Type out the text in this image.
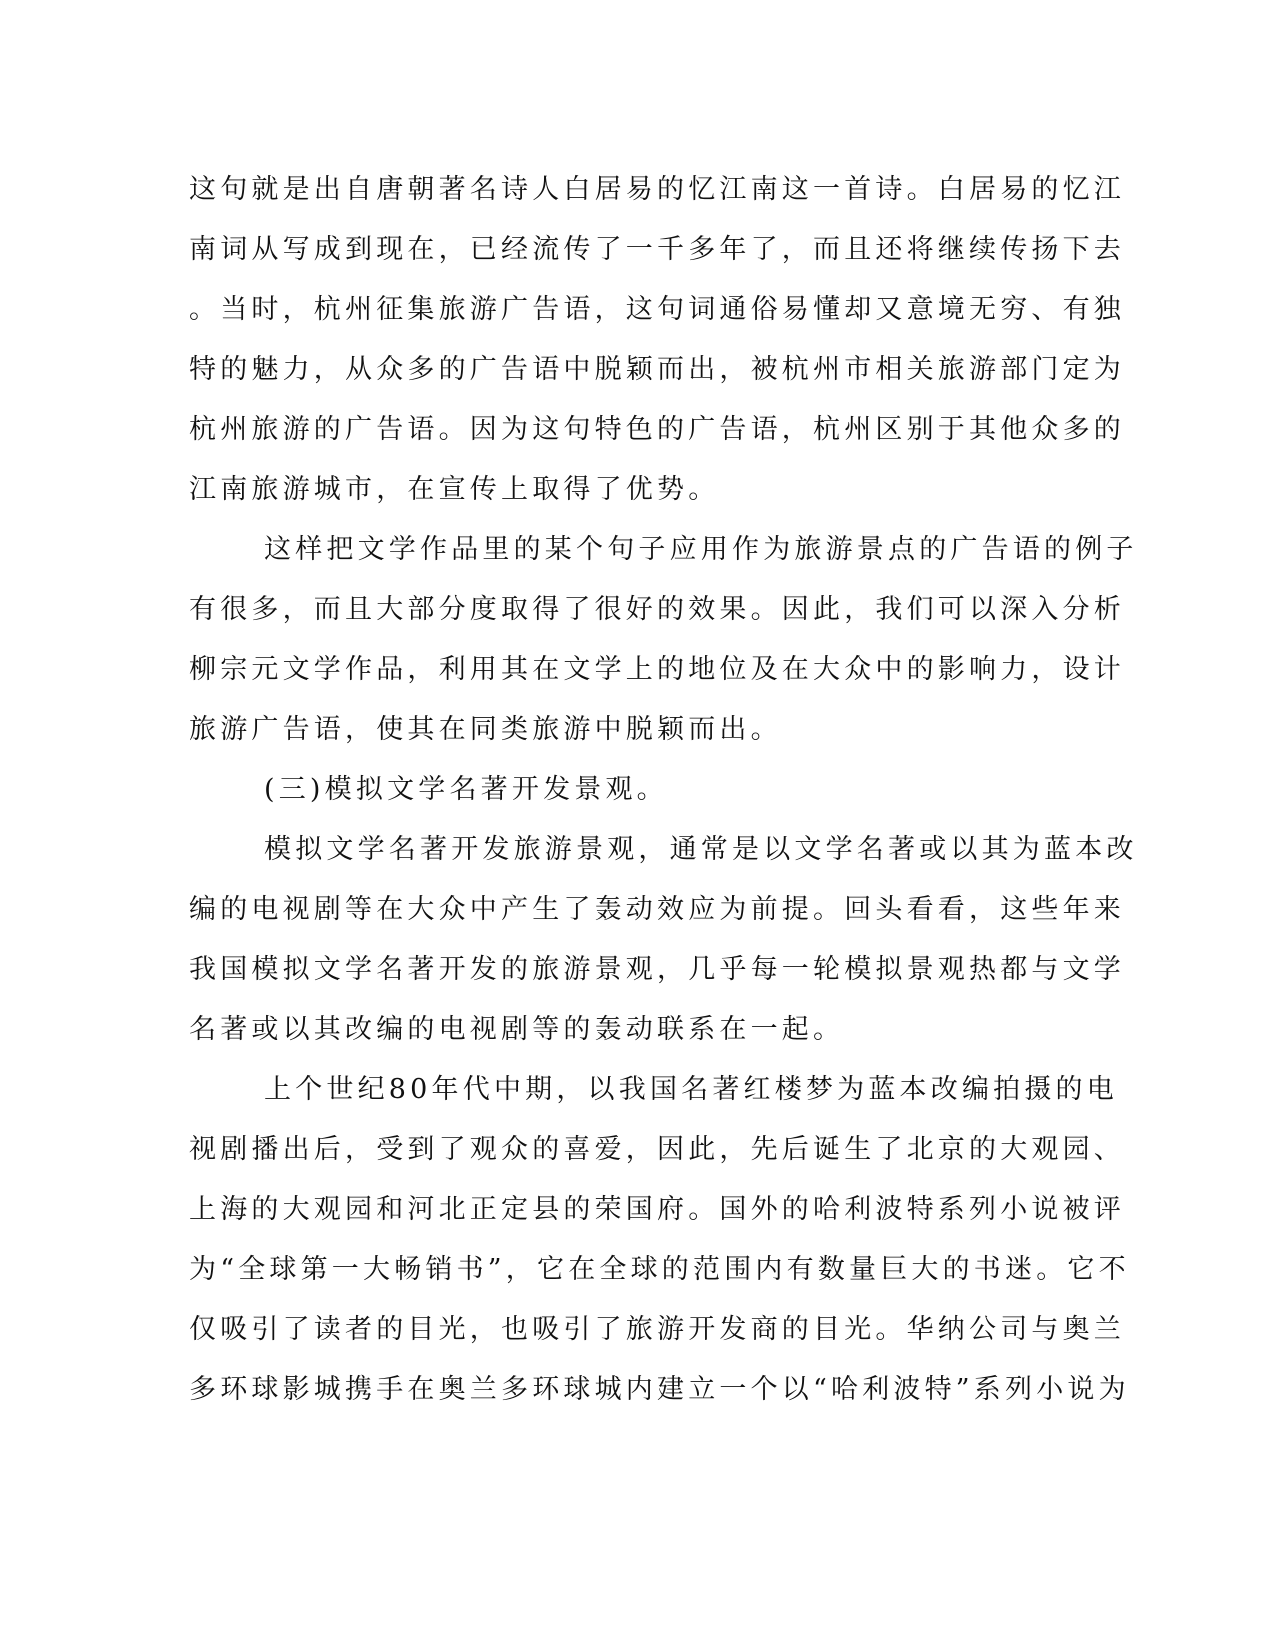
这句就是出自唐朝著名诗人白居易的忆江南这一首诗。白居易的忆江
南词从写成到现在，已经流传了一千多年了，而且还将继续传扬下去
。当时，杭州征集旅游广告语，这句词通俗易懂却又意境无穷、有独
特的魅力，从众多的广告语中脱颖而出，被杭州市相关旅游部门定为
杭州旅游的广告语。因为这句特色的广告语，杭州区别于其他众多的
江南旅游城市，在宣传上取得了优势。
这样把文学作品里的某个句子应用作为旅游景点的广告语的例子
有很多，而且大部分度取得了很好的效果。因此，我们可以深入分析
柳宗元文学作品，利用其在文学上的地位及在大众中的影响力，设计
旅游广告语，使其在同类旅游中脱颖而出。
(三)模拟文学名著开发景观。
模拟文学名著开发旅游景观，通常是以文学名著或以其为蓝本改
编的电视剧等在大众中产生了轰动效应为前提。回头看看，这些年来
我国模拟文学名著开发的旅游景观，几乎每一轮模拟景观热都与文学
名著或以其改编的电视剧等的轰动联系在一起。
上个世纪80年代中期，以我国名著红楼梦为蓝本改编拍摄的电
视剧播出后，受到了观众的喜爱，因此，先后诞生了北京的大观园、
上海的大观园和河北正定县的荣国府。国外的哈利波特系列小说被评
为“全球第一大畅销书”，它在全球的范围内有数量巨大的书迷。它不
仅吸引了读者的目光，也吸引了旅游开发商的目光。华纳公司与奥兰
多环球影城携手在奥兰多环球城内建立一个以“哈利波特”系列小说为
